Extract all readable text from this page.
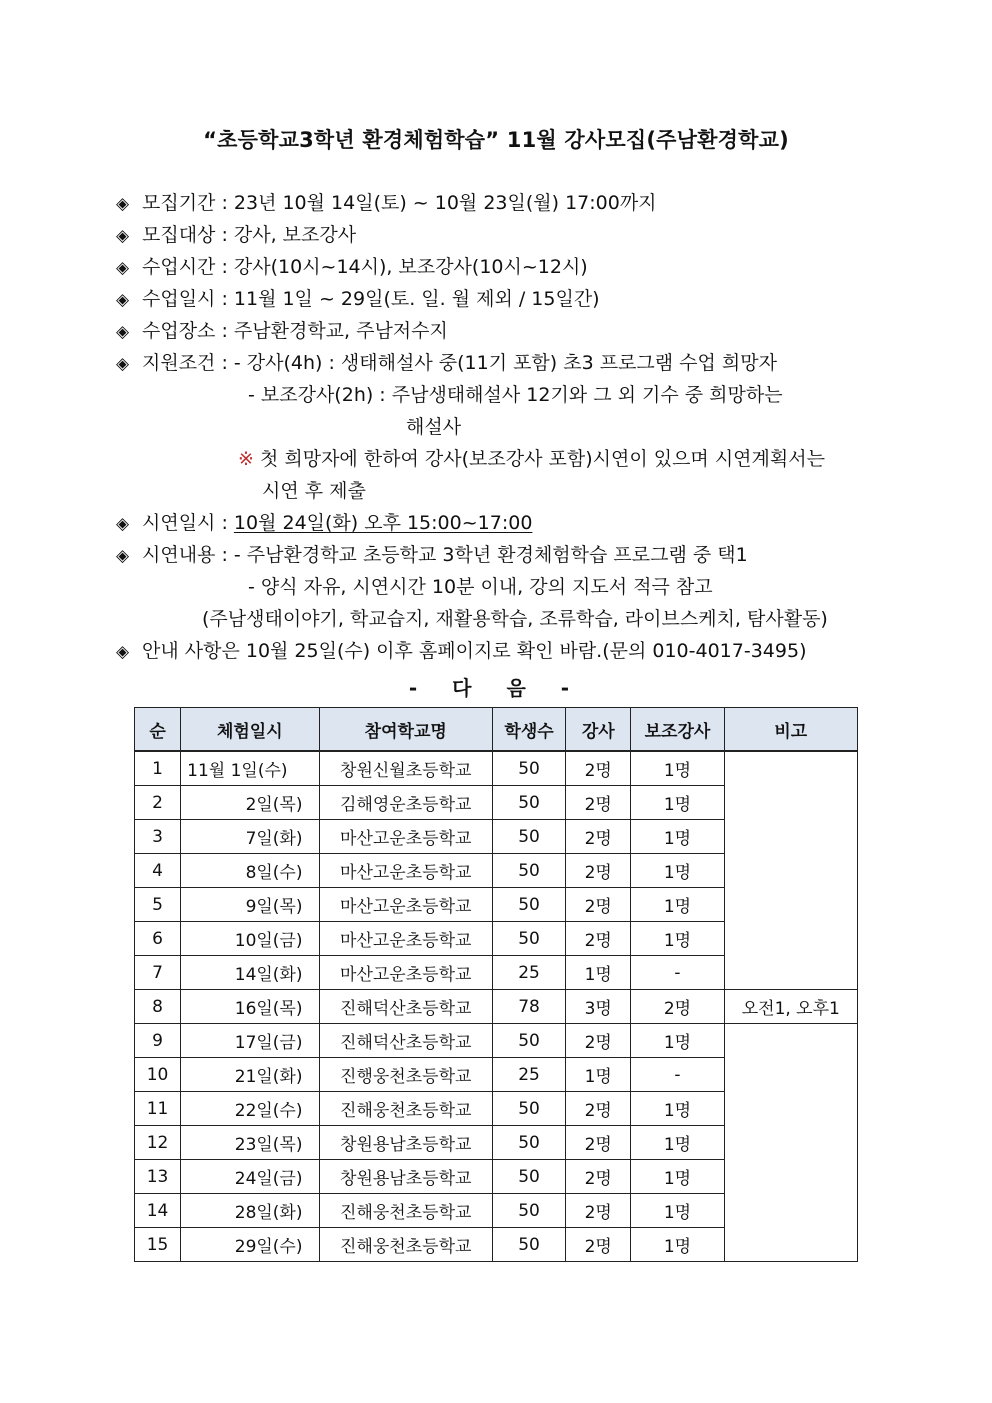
“초등학교3학년 환경체험학습” 11월 강사모집(주남환경학교)
◈ 모집기간 : 23년 10월 14일(토) ~ 10월 23일(월) 17:00까지
◈ 모집대상 : 강사, 보조강사
◈ 수업시간 : 강사(10시~14시), 보조강사(10시~12시)
◈ 수업일시 : 11월 1일 ~ 29일(토. 일. 월 제외 / 15일간)
◈ 수업장소 : 주남환경학교, 주남저수지
◈ 지원조건 : - 강사(4h) : 생태해설사 중(11기 포함) 초3 프로그램 수업 희망자
- 보조강사(2h) : 주남생태해설사 12기와 그 외 기수 중 희망하는
해설사
※ 첫 희망자에 한하여 강사(보조강사 포함)시연이 있으며 시연계획서는
시연 후 제출
◈ 시연일시 : 10월 24일(화) 오후 15:00~17:00
◈ 시연내용 : - 주남환경학교 초등학교 3학년 환경체험학습 프로그램 중 택1
- 양식 자유, 시연시간 10분 이내, 강의 지도서 적극 참고
(주남생태이야기, 학교습지, 재활용학습, 조류학습, 라이브스케치, 탐사활동)
◈ 안내 사항은 10월 25일(수) 이후 홈페이지로 확인 바람.(문의 010-4017-3495)
- 다 음 -
순	체험일시	참여학교명	학생수	강사	보조강사	비고
1	11월 1일(수)	창원신월초등학교	50	2명	1명	
2	2일(목)	김해영운초등학교	50	2명	1명	
3	7일(화)	마산고운초등학교	50	2명	1명	
4	8일(수)	마산고운초등학교	50	2명	1명	
5	9일(목)	마산고운초등학교	50	2명	1명	
6	10일(금)	마산고운초등학교	50	2명	1명	
7	14일(화)	마산고운초등학교	25	1명	-	
8	16일(목)	진해덕산초등학교	78	3명	2명	오전1, 오후1
9	17일(금)	진해덕산초등학교	50	2명	1명	
10	21일(화)	진행웅천초등학교	25	1명	-	
11	22일(수)	진해웅천초등학교	50	2명	1명	
12	23일(목)	창원용남초등학교	50	2명	1명	
13	24일(금)	창원용남초등학교	50	2명	1명	
14	28일(화)	진해웅천초등학교	50	2명	1명	
15	29일(수)	진해웅천초등학교	50	2명	1명	
